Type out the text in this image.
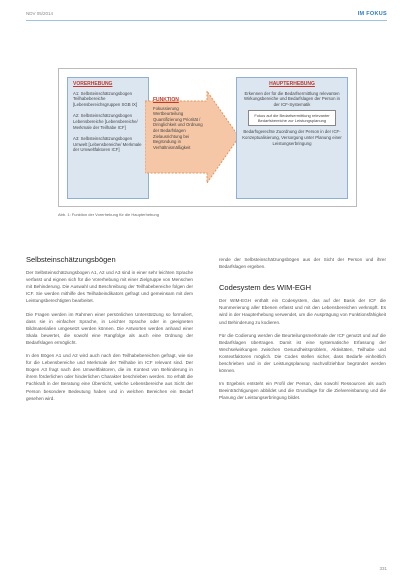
NDV 05/2014	IM FOKUS
VORERHEBUNG
A1: Selbsteinschätzungsbogen Teilhabebereiche [Lebensbereichsgruppen SGB IX]
A2: Selbsteinschätzungsbogen Lebensbereiche [Lebensbereiche/ Merkmale der Teilhabe ICF]
A3: Selbsteinschätzungsbogen Umwelt [Lebensbereiche/ Merkmale der Umweltfaktoren ICF]
FUNKTION
Fokussierung Wertbeurteilung Quantifizierung Priorität / Dringlichkeit und Ordnung der Bedarfslagen Zielausrichtung bei Begründung in Verhältnismäßigkeit
HAUPTERHEBUNG
Erkennen der für die Bedarfsermittlung relevanten Wirkungsbereiche und Bedarfslagen der Person in der ICF-Systematik
Fokus auf die Bedarfsermittlung relevanter Bedarfsbereiche zur Leistungsplanung
Bedarfsgerechte Zuordnung der Person in der ICF-Konzeptualisierung, Versorgung unter Planung einer Leistungserbringung
Abb. 1: Funktion der Vorerhebung für die Haupterhebung
Selbsteinschätzungsbögen

Der Selbsteinschätzungsbogen A1, A2 und A3 sind in einer sehr leichten Sprache verfasst und eignen sich für die Vorerhebung mit einer Zielgruppe von Menschen mit Behinderung. Die Auswahl und Beschreibung der Teilhabebereiche folgen der ICF. Sie werden mithilfe des Teilhabeindikators gefragt und gemeinsam mit dem Leistungsberechtigten bearbeitet.

Die Fragen werden im Rahmen einer persönlichen Unterstützung so formuliert, dass sie in einfacher Sprache, in Leichter Sprache oder in geeigneten Bildmaterialien umgesetzt werden können. Die Antworten werden anhand einer Skala bewertet, die sowohl eine Rangfolge als auch eine Ordnung der Bedarfslagen ermöglicht.

In den Bögen A1 und A2 wird auch nach den Teilhabebereichen gefragt, wie sie für die Lebensbereiche und Merkmale der Teilhabe im ICF relevant sind. Der Bogen A3 fragt nach den Umweltfaktoren, die im Kontext von Behinderung in ihrem förderlichen oder hinderlichen Charakter beschrieben werden. So erhält die Fachkraft in der Beratung eine Übersicht, welche Lebensbereiche aus Sicht der Person besondere Bedeutung haben und in welchen Bereichen ein Bedarf gesehen wird.

rende der Selbsteinschätzungsbögen aus der Sicht der Person und ihrer Bedarfslagen ergeben.

Codesystem des WIM-EGH

Der WIM-EGH enthält ein Codesystem, das auf der Basis der ICF die Nummerierung aller Ebenen erfasst und mit den Lebensbereichen verknüpft. Es wird in der Haupterhebung verwendet, um die Ausprägung von Funktionsfähigkeit und Behinderung zu kodieren.

Für die Codierung werden die Beurteilungsmerkmale der ICF genutzt und auf die Bedarfslagen übertragen. Damit ist eine systematische Erfassung der Wechselwirkungen zwischen Gesundheitsproblem, Aktivitäten, Teilhabe und Kontextfaktoren möglich. Die Codes stellen sicher, dass Bedarfe einheitlich beschrieben und in der Leistungsplanung nachvollziehbar begründet werden können.

Im Ergebnis entsteht ein Profil der Person, das sowohl Ressourcen als auch Beeinträchtigungen abbildet und die Grundlage für die Zielvereinbarung und die Planung der Leistungserbringung bildet.

331
